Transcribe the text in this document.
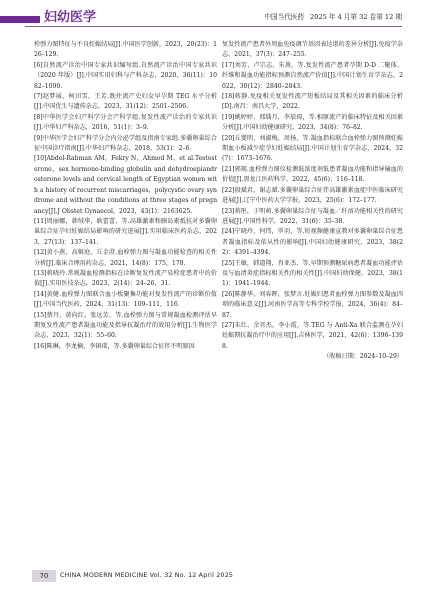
妇幼医学	中国当代医药 2025 年 4 月第 32 卷第 12 期

栓弹力图特征与不良妊娠结局[J].中国医学创新，2023，20(23)：126–129.

[6]自然流产诊治中国专家共识编写组.自然流产诊治中国专家共识（2020 年版）[J].中国实用妇科与产科杂志，2020，36(11)：1082–1090.

[7]赵梦展，柯田雪，王芳.既往流产史妇女早孕期 TEG 水平分析[J].中国优生与遗传杂志，2023，31(12)：2501–2506.

[8]中华医学会妇产科学分会产科学组.复发性流产诊治的专家共识[J].中华妇产科杂志，2016，51(1)：3–9.

[9]中华医学会妇产科学分会内分泌学组及指南专家组.多囊卵巢综合征中国诊疗指南[J].中华妇产科杂志，2018，53(1)：2–6.

[10]Abdel-Rahman AM，Fekry N，Ahmed M，et al.Testosterone，sex hormone-binding globulin and dehydroepiandrosterone levels and cervical length of Egyptian women with a history of recurrent miscarriages，polycystic ovary syndrome and without the conditions at three stages of pregnancy[J].J Obstet Gynaecol，2023，43(1)：2163625.

[11]周丽娜，韩绒华，耿蕾蕾，等.高雄激素和胰岛素抵抗对多囊卵巢综合征孕妇妊娠结局影响的研究进展[J].实用临床医药杂志，2023，27(13)：137–141.

[12]黄小燕，高姬庭，丘金澄.血栓弹力图与凝血功能检查的相关性分析[J].临床合理用药杂志，2021，14(8)：175，178.

[13]蒋晓玲.常规凝血检测指标在诊断复发性流产易栓症患者中的价值[J].实用医技杂志，2023，2(14)：24–26，31.

[14]黄健.血栓弹力图联合血小板聚集功能对复发性流产的诊断价值[J].中国当代医药，2024，31(13)：109–111，116.

[15]蔡丹，黄向红，张远芳，等.血栓弹力图与常规凝血检测评估早期复发性流产患者凝血功能及指导抗凝治疗的效用分析[J].生物医学杂志，2023，32(1)：55–60.

[16]陈琳，李龙楠，李镇璟，等.多囊卵巢综合征伴不明原因

复发性流产患者外周血免疫调节基因表达谱的差异分析[J].免疫学杂志，2021，37(3)：247–255.

[17]刘芳，卢宗志，朱燕，等.复发性流产患者孕期 D-D 二聚体、纤维和凝血功能指标预测自然流产价值[J].中国计划生育学杂志，2022，30(12)：2840–2843.

[18]蒋静.免疫相关复发性流产短板结局及其相关因素的临床分析[D].南昌：南昌大学，2022.

[19]姚婷婷，邢瑀月，李辰琼，等.相原流产的临床特征及相关因素分析[J].中国妇幼健康研究，2023，34(8)：76–82.

[20]丘婴明，刘淑梅，周扬，等.凝血指标联合血栓弹力图预测妊娠期血小板减少症孕妇妊娠结局[J].中国计划生育学杂志，2024，32(7)：1673–1676.

[21]郭现.血栓弹力图仪检测低浓度剂低患者凝血功能和指导输血的价值[J].黑龙江医药科学，2022，45(6)：116–118.

[22]殷斌君，谢志斌.多囊卵巢综合征伴高雄激素血症中医临床研究进展[J].辽宁中医药大学学报，2023，25(6)：172–177.

[23]蒋彤，于明萌.多囊卵巢综合征与凝血／纤溶功能相关性的研究进展[J].中国性科学，2022，31(6)：35–38.

[24]宁晓玲，何伟，罗羽，等.短视频健康宣教对多囊卵巢综合征患者凝血指标及依从性的影响[J].中国妇幼健康研究，2023，38(22)：4391–4394.

[25]王敏，韩道翔，肖亚杰，等.早期预测糖尿病患者凝血功能评估及与血清炎症指标相关性的相关性[J].中国妇幼保健，2023，38(11)：1941–1944.

[26]陈静华，刘春晖，张梦言.妊娠妇患者血栓弹力图参数及凝血四项的临床意义[J].河南医学高等专科学校学报，2024，36(4)：84–87.

[27]朱红，余晋杰，李小霞，等.TEG 与 Anti-Xa 联合监测在孕妇妊娠期抗凝治疗中的应用[J].吉林医学，2021，42(6)：1396–1398.

（收稿日期：2024–10–29）

70	CHINA MODERN MEDICINE Vol. 32 No. 12 April 2025
